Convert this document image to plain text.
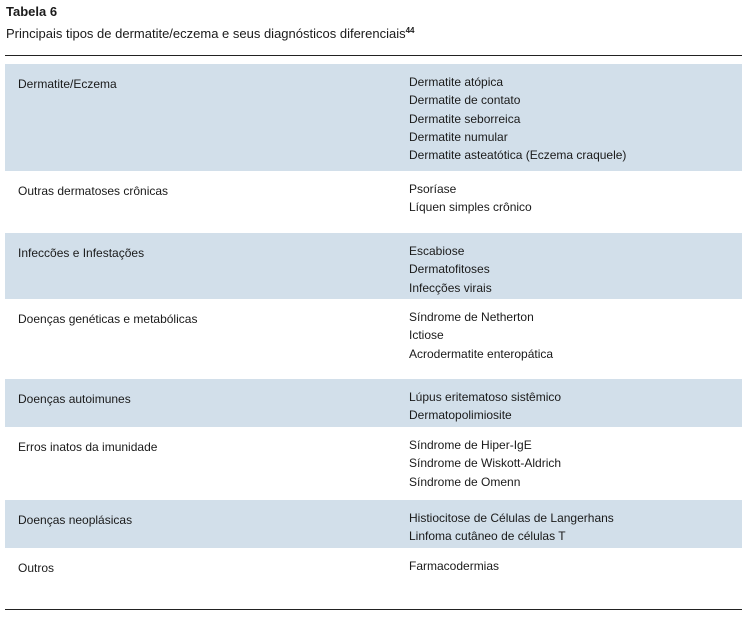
Tabela 6
Principais tipos de dermatite/eczema e seus diagnósticos diferenciais$^{44}$
Dermatite/Eczema	Dermatite atópica
Dermatite de contato
Dermatite seborreica
Dermatite numular
Dermatite asteatótica (Eczema craquele)
Outras dermatoses crônicas	Psoríase
Líquen simples crônico
Infeccões e Infestações	Escabiose
Dermatofitoses
Infecções virais
Doenças genéticas e metabólicas	Síndrome de Netherton
Ictiose
Acrodermatite enteropática
Doenças autoimunes	Lúpus eritematoso sistêmico
Dermatopolimiosite
Erros inatos da imunidade	Síndrome de Hiper-IgE
Síndrome de Wiskott-Aldrich
Síndrome de Omenn
Doenças neoplásicas	Histiocitose de Células de Langerhans
Linfoma cutâneo de células T
Outros	Farmacodermias
